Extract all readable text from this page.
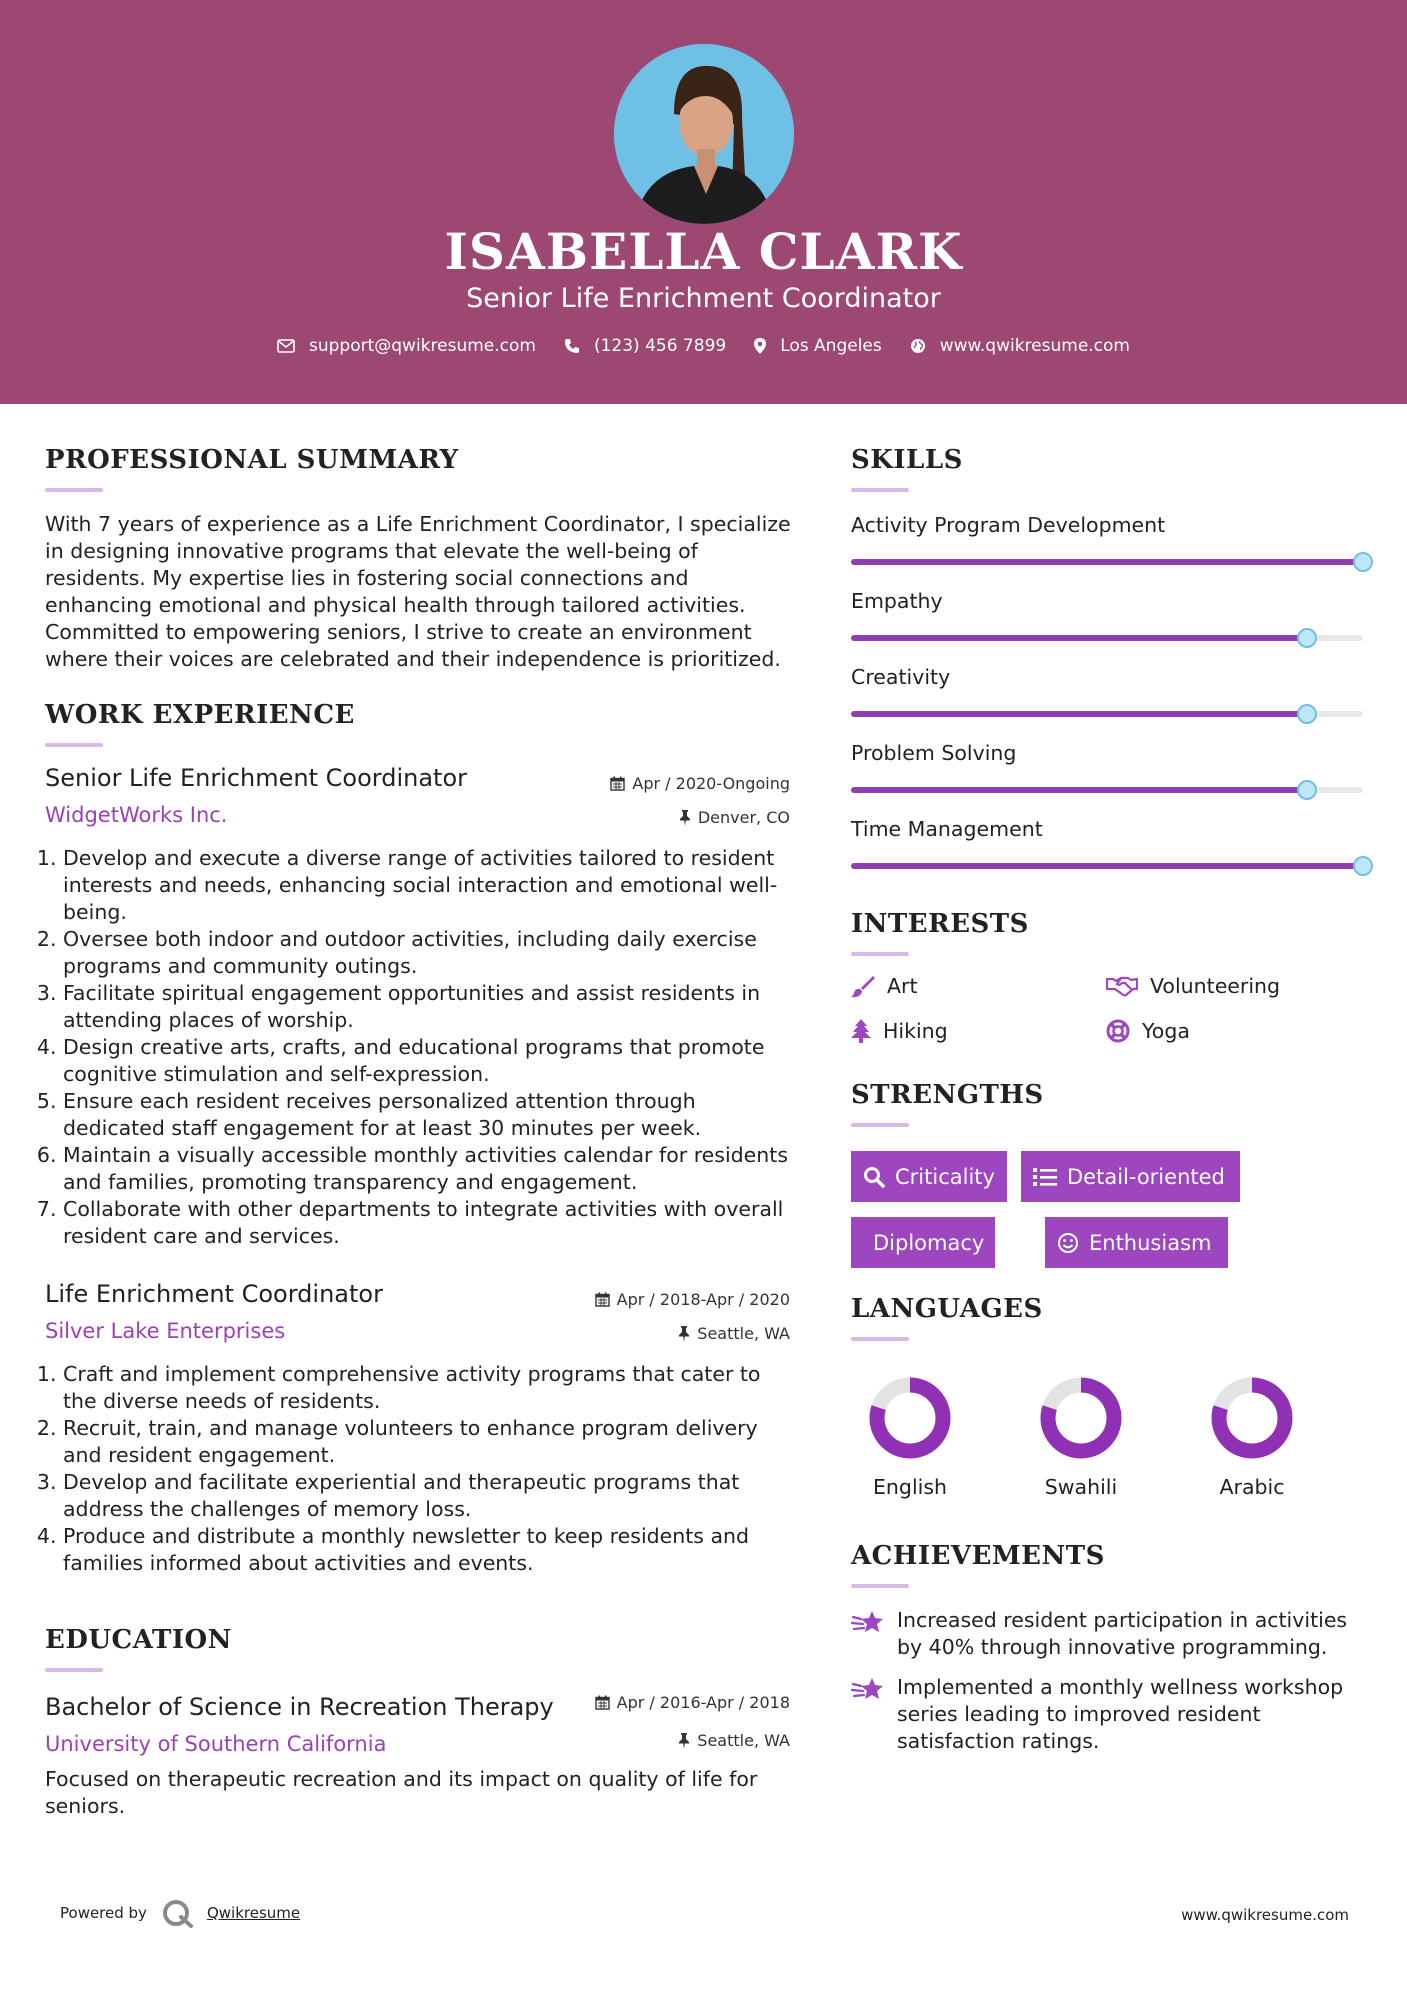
ISABELLA CLARK
Senior Life Enrichment Coordinator
support@qwikresume.com	(123) 456 7899	Los Angeles	www.qwikresume.com
PROFESSIONAL SUMMARY
With 7 years of experience as a Life Enrichment Coordinator, I specialize in designing innovative programs that elevate the well-being of residents. My expertise lies in fostering social connections and enhancing emotional and physical health through tailored activities. Committed to empowering seniors, I strive to create an environment where their voices are celebrated and their independence is prioritized.
WORK EXPERIENCE
Senior Life Enrichment Coordinator	Apr / 2020-Ongoing
WidgetWorks Inc.	Denver, CO
1. Develop and execute a diverse range of activities tailored to resident interests and needs, enhancing social interaction and emotional well-being.
2. Oversee both indoor and outdoor activities, including daily exercise programs and community outings.
3. Facilitate spiritual engagement opportunities and assist residents in attending places of worship.
4. Design creative arts, crafts, and educational programs that promote cognitive stimulation and self-expression.
5. Ensure each resident receives personalized attention through dedicated staff engagement for at least 30 minutes per week.
6. Maintain a visually accessible monthly activities calendar for residents and families, promoting transparency and engagement.
7. Collaborate with other departments to integrate activities with overall resident care and services.
Life Enrichment Coordinator	Apr / 2018-Apr / 2020
Silver Lake Enterprises	Seattle, WA
1. Craft and implement comprehensive activity programs that cater to the diverse needs of residents.
2. Recruit, train, and manage volunteers to enhance program delivery and resident engagement.
3. Develop and facilitate experiential and therapeutic programs that address the challenges of memory loss.
4. Produce and distribute a monthly newsletter to keep residents and families informed about activities and events.
EDUCATION
Bachelor of Science in Recreation Therapy	Apr / 2016-Apr / 2018
University of Southern California	Seattle, WA
Focused on therapeutic recreation and its impact on quality of life for seniors.
SKILLS
Activity Program Development
Empathy
Creativity
Problem Solving
Time Management
INTERESTS
Art	Volunteering
Hiking	Yoga
STRENGTHS
Criticality	Detail-oriented
Diplomacy	Enthusiasm
LANGUAGES
English	Swahili	Arabic
ACHIEVEMENTS
Increased resident participation in activities by 40% through innovative programming.
Implemented a monthly wellness workshop series leading to improved resident satisfaction ratings.
Powered by	Qwikresume	www.qwikresume.com
